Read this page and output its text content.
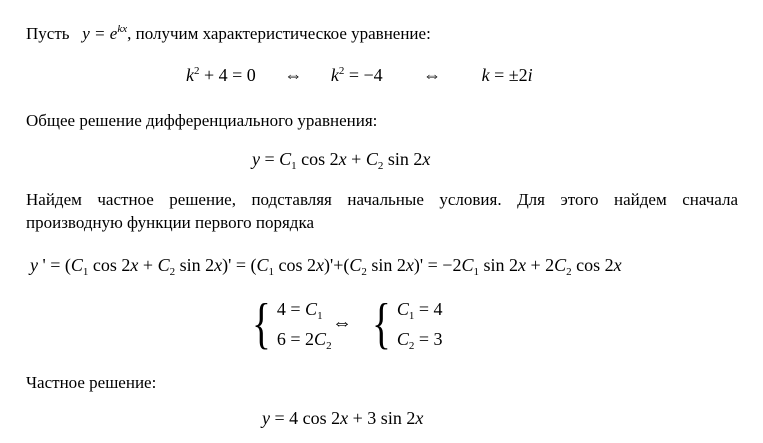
Пусть $y = e^{kx}$, получим характеристическое уравнение:
$k^2 + 4 = 0$ ⇔ $k^2 = -4$ ⇔ k = ±2i
Общее решение дифференциального уравнения:
$y = C_1$ $\cos 2x + C_2$ sin 2x
Найдем частное решение, подставляя начальные условия. Для этого найдем сначала
производную функции первого порядка
y ' = ($C_1$ $\cos 2x + C_2$ $\sin 2x)' = (C_1$ $\cos 2x)'+(C_2$ $\sin 2x)' = -2C_1$ $\sin 2x + 2C_2$ cos 2x
{ $4 = C_1$
$6 = 2C_2$
⇔ { $C_1 = 4$
$C_2 = 3$
Частное решение:
y = 4 cos 2x + 3 sin 2x
